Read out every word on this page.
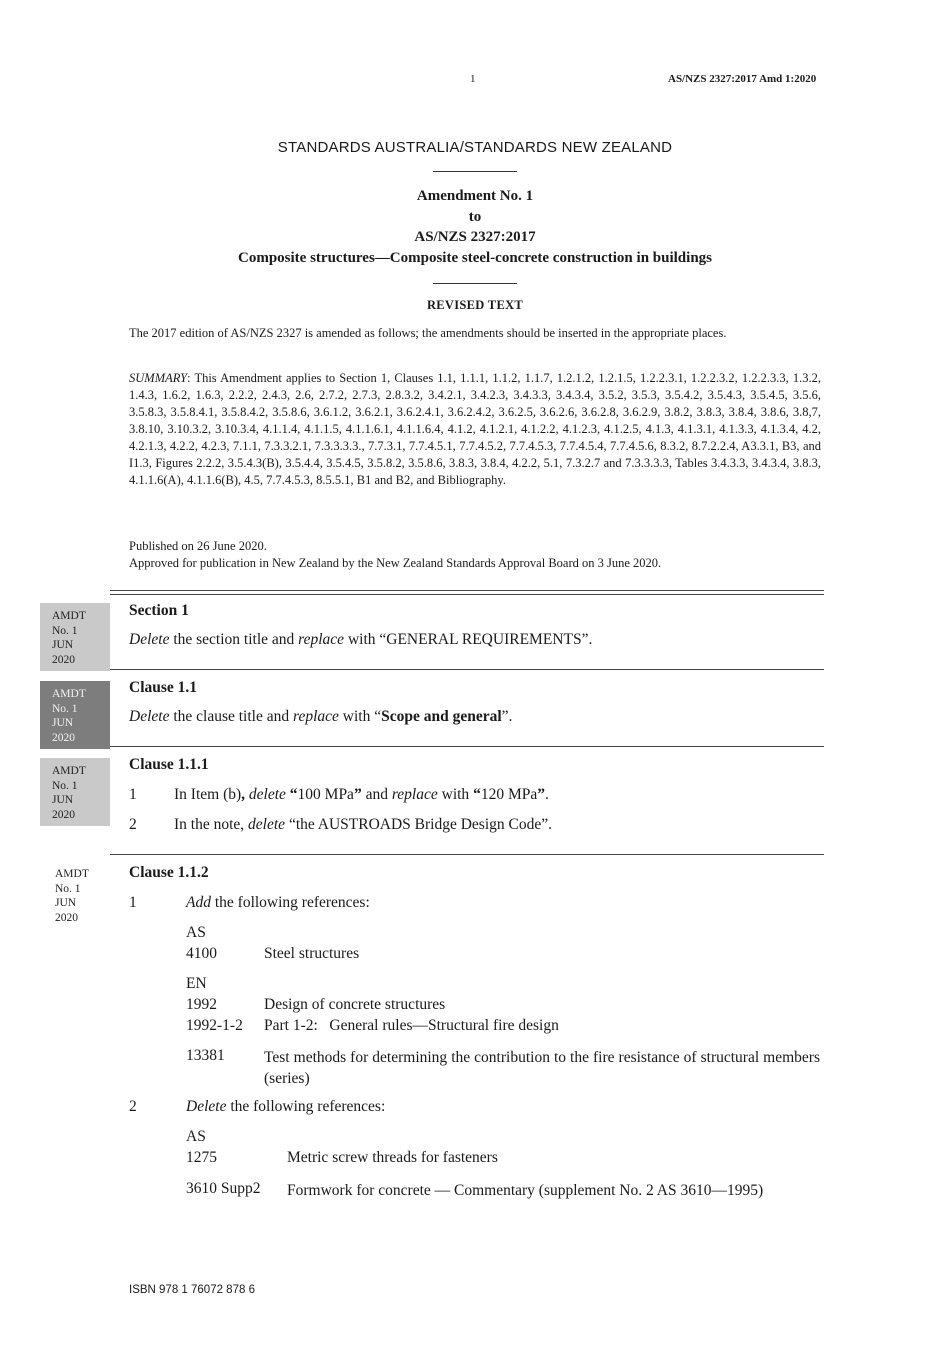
1	AS/NZS 2327:2017 Amd 1:2020
STANDARDS AUSTRALIA/STANDARDS NEW ZEALAND
Amendment No. 1
to
AS/NZS 2327:2017
Composite structures—Composite steel-concrete construction in buildings
REVISED TEXT
The 2017 edition of AS/NZS 2327 is amended as follows; the amendments should be inserted in the appropriate places.
SUMMARY: This Amendment applies to Section 1, Clauses 1.1, 1.1.1, 1.1.2, 1.1.7, 1.2.1.2, 1.2.1.5, 1.2.2.3.1, 1.2.2.3.2, 1.2.2.3.3, 1.3.2, 1.4.3, 1.6.2, 1.6.3, 2.2.2, 2.4.3, 2.6, 2.7.2, 2.7.3, 2.8.3.2, 3.4.2.1, 3.4.2.3, 3.4.3.3, 3.4.3.4, 3.5.2, 3.5.3, 3.5.4.2, 3.5.4.3, 3.5.4.5, 3.5.6, 3.5.8.3, 3.5.8.4.1, 3.5.8.4.2, 3.5.8.6, 3.6.1.2, 3.6.2.1, 3.6.2.4.1, 3.6.2.4.2, 3.6.2.5, 3.6.2.6, 3.6.2.8, 3.6.2.9, 3.8.2, 3.8.3, 3.8.4, 3.8.6, 3.8,7, 3.8.10, 3.10.3.2, 3.10.3.4, 4.1.1.4, 4.1.1.5, 4.1.1.6.1, 4.1.1.6.4, 4.1.2, 4.1.2.1, 4.1.2.2, 4.1.2.3, 4.1.2.5, 4.1.3, 4.1.3.1, 4.1.3.3, 4.1.3.4, 4.2, 4.2.1.3, 4.2.2, 4.2.3, 7.1.1, 7.3.3.2.1, 7.3.3.3.3., 7.7.3.1, 7.7.4.5.1, 7.7.4.5.2, 7.7.4.5.3, 7.7.4.5.4, 7.7.4.5.6, 8.3.2, 8.7.2.2.4, A3.3.1, B3, and I1.3, Figures 2.2.2, 3.5.4.3(B), 3.5.4.4, 3.5.4.5, 3.5.8.2, 3.5.8.6, 3.8.3, 3.8.4, 4.2.2, 5.1, 7.3.2.7 and 7.3.3.3.3, Tables 3.4.3.3, 3.4.3.4, 3.8.3, 4.1.1.6(A), 4.1.1.6(B), 4.5, 7.7.4.5.3, 8.5.5.1, B1 and B2, and Bibliography.
Published on 26 June 2020.
Approved for publication in New Zealand by the New Zealand Standards Approval Board on 3 June 2020.
AMDT
No. 1
JUN
2020
Section 1
Delete the section title and replace with “GENERAL REQUIREMENTS”.
AMDT
No. 1
JUN
2020
Clause 1.1
Delete the clause title and replace with “Scope and general”.
AMDT
No. 1
JUN
2020
Clause 1.1.1
1 In Item (b), delete “100 MPa” and replace with “120 MPa”.
2 In the note, delete “the AUSTROADS Bridge Design Code”.
AMDT
No. 1
JUN
2020
Clause 1.1.2
1	Add the following references:
AS
4100	Steel structures
EN
1992	Design of concrete structures
1992-1-2 Part 1-2:   General rules—Structural fire design
13381	Test methods for determining the contribution to the fire resistance of structural members (series)
2	Delete the following references:
AS
1275	Metric screw threads for fasteners
3610 Supp2 Formwork for concrete — Commentary (supplement No. 2 AS 3610—1995)
ISBN 978 1 76072 878 6
